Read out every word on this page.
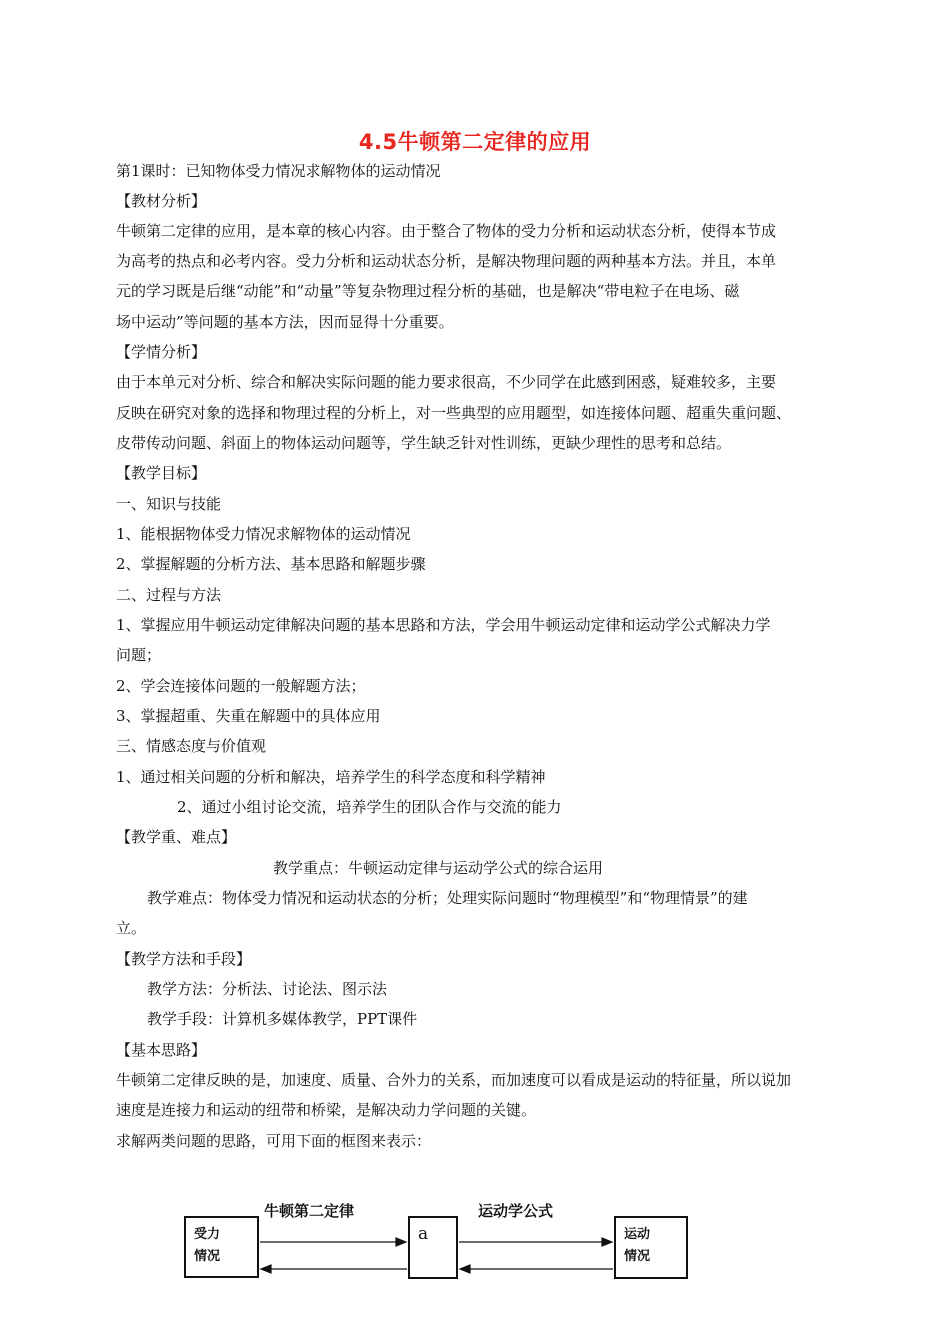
4.5牛顿第二定律的应用
第1课时：已知物体受力情况求解物体的运动情况
【教材分析】
牛顿第二定律的应用，是本章的核心内容。由于整合了物体的受力分析和运动状态分析，使得本节成
为高考的热点和必考内容。受力分析和运动状态分析，是解决物理问题的两种基本方法。并且，本单
元的学习既是后继“动能”和“动量”等复杂物理过程分析的基础，也是解决“带电粒子在电场、磁
场中运动”等问题的基本方法，因而显得十分重要。
【学情分析】
由于本单元对分析、综合和解决实际问题的能力要求很高，不少同学在此感到困惑，疑难较多，主要
反映在研究对象的选择和物理过程的分析上，对一些典型的应用题型，如连接体问题、超重失重问题、
皮带传动问题、斜面上的物体运动问题等，学生缺乏针对性训练，更缺少理性的思考和总结。
【教学目标】
一、知识与技能
1、能根据物体受力情况求解物体的运动情况
2、掌握解题的分析方法、基本思路和解题步骤
二、过程与方法
1、掌握应用牛顿运动定律解决问题的基本思路和方法，学会用牛顿运动定律和运动学公式解决力学
问题；
2、学会连接体问题的一般解题方法；
3、掌握超重、失重在解题中的具体应用
三、情感态度与价值观
1、通过相关问题的分析和解决，培养学生的科学态度和科学精神
2、通过小组讨论交流，培养学生的团队合作与交流的能力
【教学重、难点】
教学重点：牛顿运动定律与运动学公式的综合运用
教学难点：物体受力情况和运动状态的分析；处理实际问题时“物理模型”和“物理情景”的建
立。
【教学方法和手段】
教学方法：分析法、讨论法、图示法
教学手段：计算机多媒体教学，PPT课件
【基本思路】
牛顿第二定律反映的是，加速度、质量、合外力的关系，而加速度可以看成是运动的特征量，所以说加
速度是连接力和运动的纽带和桥梁，是解决动力学问题的关键。
求解两类问题的思路，可用下面的框图来表示：
牛顿第二定律	运动学公式
受力
情况
a	运动
情况
